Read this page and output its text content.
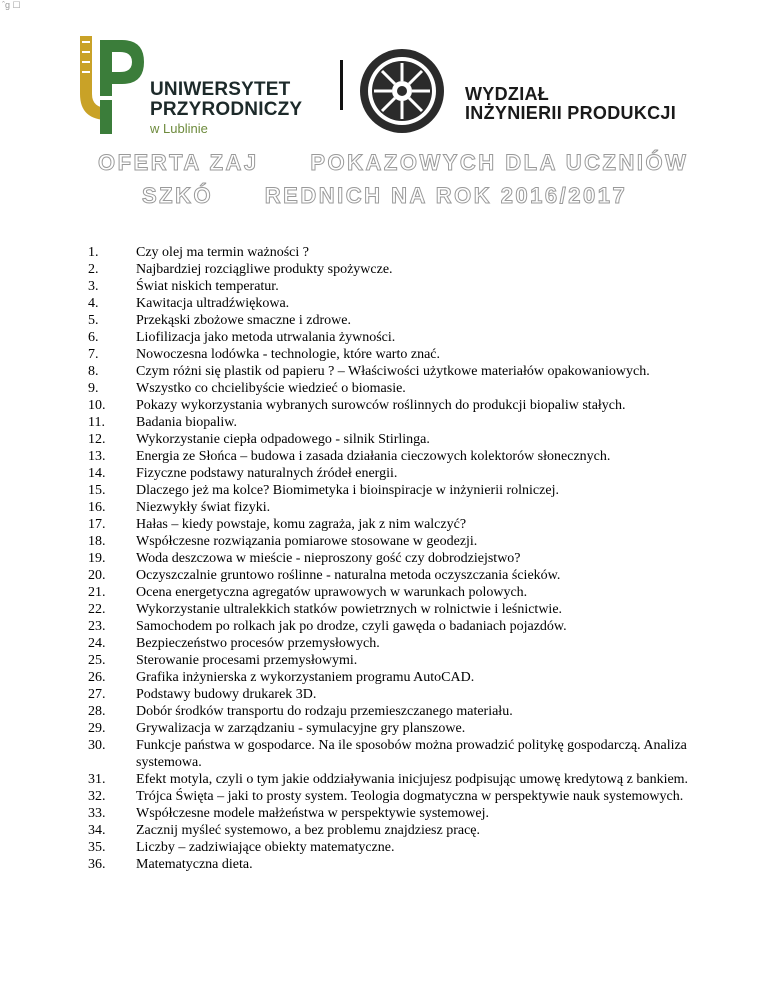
ˆg ☐
UNIWERSYTET
PRZYRODNICZY
w Lublinie
WYDZIAŁ
INŻYNIERII PRODUKCJI
OFERTA ZAJ      POKAZOWYCH DLA UCZNIÓW
SZKÓ      REDNICH NA ROK 2016/2017
1.	Czy olej ma termin ważności ?
2.	Najbardziej rozciągliwe produkty spożywcze.
3.	Świat niskich temperatur.
4.	Kawitacja ultradźwiękowa.
5.	Przekąski zbożowe smaczne i zdrowe.
6.	Liofilizacja jako metoda utrwalania żywności.
7.	Nowoczesna lodówka - technologie, które warto znać.
8.	Czym różni się plastik od papieru ? – Właściwości użytkowe materiałów opakowaniowych.
9.	Wszystko co chcielibyście wiedzieć o biomasie.
10.	Pokazy wykorzystania wybranych surowców roślinnych do produkcji biopaliw stałych.
11.	Badania biopaliw.
12.	Wykorzystanie ciepła odpadowego - silnik Stirlinga.
13.	Energia ze Słońca – budowa i zasada działania cieczowych kolektorów słonecznych.
14.	Fizyczne podstawy naturalnych źródeł energii.
15.	Dlaczego jeż ma kolce? Biomimetyka i bioinspiracje w inżynierii rolniczej.
16.	Niezwykły świat fizyki.
17.	Hałas – kiedy powstaje, komu zagraża, jak z nim walczyć?
18.	Współczesne rozwiązania pomiarowe stosowane w geodezji.
19.	Woda deszczowa w mieście - nieproszony gość czy dobrodziejstwo?
20.	Oczyszczalnie gruntowo roślinne - naturalna metoda oczyszczania ścieków.
21.	Ocena energetyczna agregatów uprawowych w warunkach polowych.
22.	Wykorzystanie ultralekkich statków powietrznych w rolnictwie i leśnictwie.
23.	Samochodem po rolkach jak po drodze, czyli gawęda o badaniach pojazdów.
24.	Bezpieczeństwo procesów przemysłowych.
25.	Sterowanie procesami przemysłowymi.
26.	Grafika inżynierska z wykorzystaniem programu AutoCAD.
27.	Podstawy budowy drukarek 3D.
28.	Dobór środków transportu do rodzaju przemieszczanego materiału.
29.	Grywalizacja w zarządzaniu - symulacyjne gry planszowe.
30.	Funkcje państwa w gospodarce. Na ile sposobów można prowadzić politykę gospodarczą. Analiza systemowa.
31.	Efekt motyla, czyli o tym jakie oddziaływania inicjujesz podpisując umowę kredytową z bankiem.
32.	Trójca Święta – jaki to prosty system. Teologia dogmatyczna w perspektywie nauk systemowych.
33.	Współczesne modele małżeństwa w perspektywie systemowej.
34.	Zacznij myśleć systemowo, a bez problemu znajdziesz pracę.
35.	Liczby – zadziwiające obiekty matematyczne.
36.	Matematyczna dieta.
